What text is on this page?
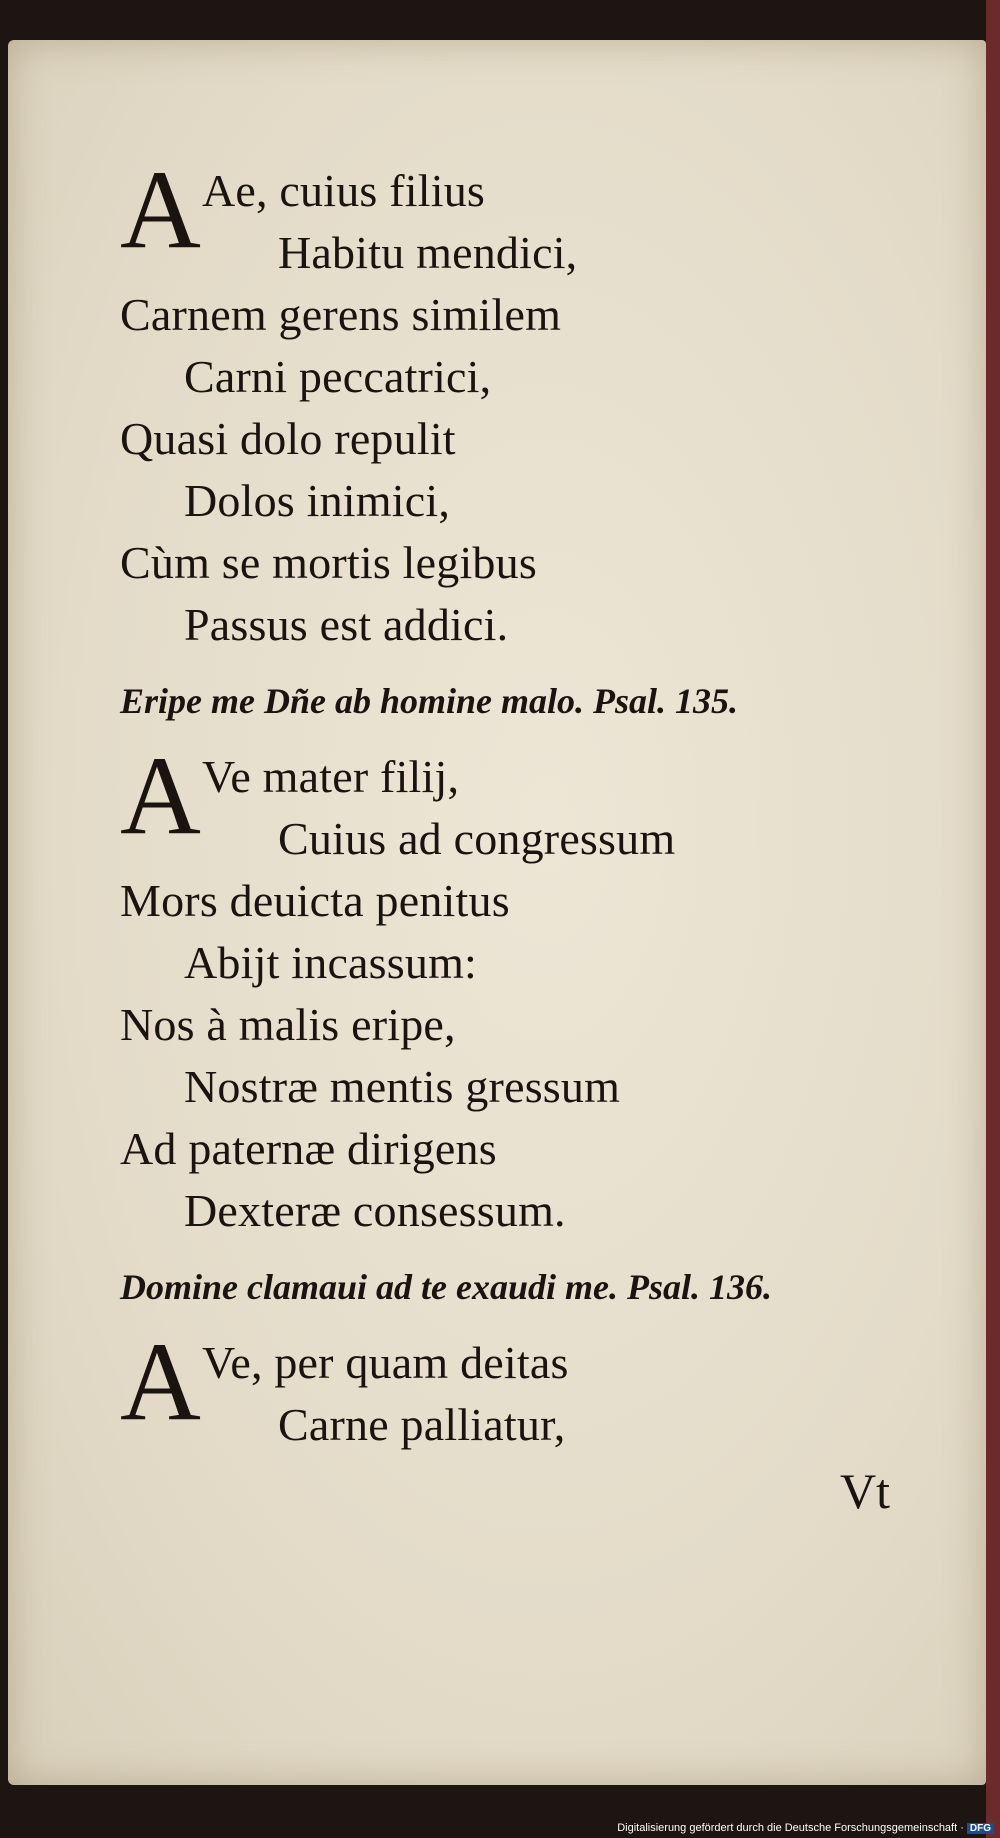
A Ae, cuius filius
Habitu mendici,
Carnem gerens similem
Carni peccatrici,
Quasi dolo repulit
Dolos inimici,
Cùm se mortis legibus
Passus est addici.
Eripe me Dñe ab homine malo. Psal. 135.
A Ve mater filij,
Cuius ad congressum
Mors deuicta penitus
Abijt incassum:
Nos à malis eripe,
Nostræ mentis gressum
Ad paternæ dirigens
Dexteræ consessum.
Domine clamaui ad te exaudi me. Psal. 136.
A Ve, per quam deitas
Carne palliatur,
Vt
Digitalisierung gefördert durch die Deutsche Forschungsgemeinschaft · DFG
